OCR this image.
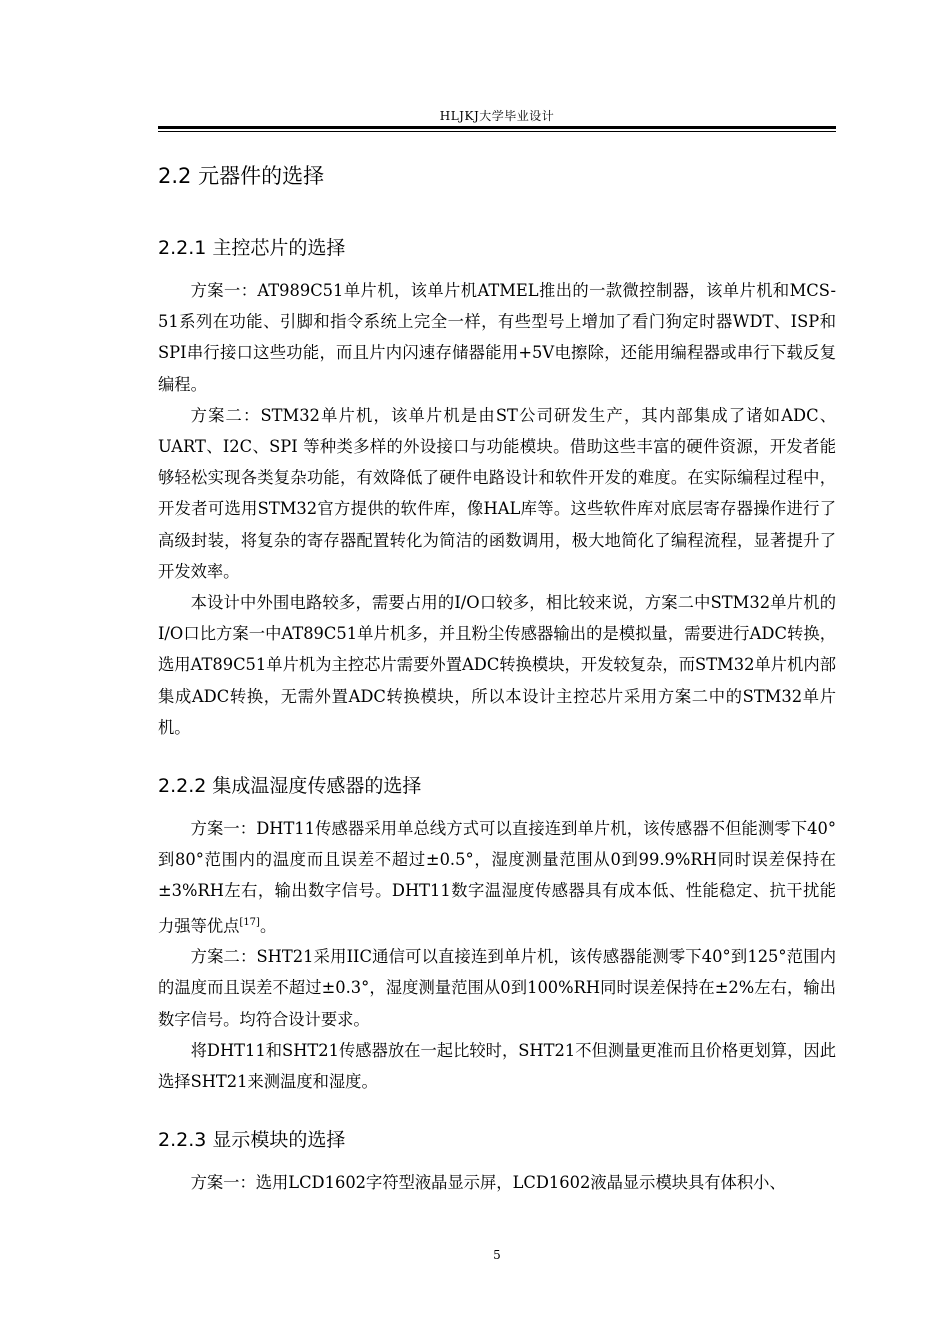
HLJKJ大学毕业设计
2.2 元器件的选择
2.2.1 主控芯片的选择

方案一：AT989C51单片机，该单片机ATMEL推出的一款微控制器，该单片机和MCS-51系列在功能、引脚和指令系统上完全一样，有些型号上增加了看门狗定时器WDT、ISP和SPI串行接口这些功能，而且片内闪速存储器能用+5V电擦除，还能用编程器或串行下载反复编程。

方案二：STM32单片机，该单片机是由ST公司研发生产，其内部集成了诸如ADC、UART、I2C、SPI 等种类多样的外设接口与功能模块。借助这些丰富的硬件资源，开发者能够轻松实现各类复杂功能，有效降低了硬件电路设计和软件开发的难度。在实际编程过程中，开发者可选用STM32官方提供的软件库，像HAL库等。这些软件库对底层寄存器操作进行了高级封装，将复杂的寄存器配置转化为简洁的函数调用，极大地简化了编程流程，显著提升了开发效率。

本设计中外围电路较多，需要占用的I/O口较多，相比较来说，方案二中STM32单片机的I/O口比方案一中AT89C51单片机多，并且粉尘传感器输出的是模拟量，需要进行ADC转换，选用AT89C51单片机为主控芯片需要外置ADC转换模块，开发较复杂，而STM32单片机内部集成ADC转换，无需外置ADC转换模块，所以本设计主控芯片采用方案二中的STM32单片机。

2.2.2 集成温湿度传感器的选择

方案一：DHT11传感器采用单总线方式可以直接连到单片机，该传感器不但能测零下40°到80°范围内的温度而且误差不超过±0.5°，湿度测量范围从0到99.9%RH同时误差保持在±3%RH左右，输出数字信号。DHT11数字温湿度传感器具有成本低、性能稳定、抗干扰能力强等优点[17]。

方案二：SHT21采用IIC通信可以直接连到单片机，该传感器能测零下40°到125°范围内的温度而且误差不超过±0.3°，湿度测量范围从0到100%RH同时误差保持在±2%左右，输出数字信号。均符合设计要求。

将DHT11和SHT21传感器放在一起比较时，SHT21不但测量更准而且价格更划算，因此选择SHT21来测温度和湿度。

2.2.3 显示模块的选择

方案一：选用LCD1602字符型液晶显示屏，LCD1602液晶显示模块具有体积小、

5
